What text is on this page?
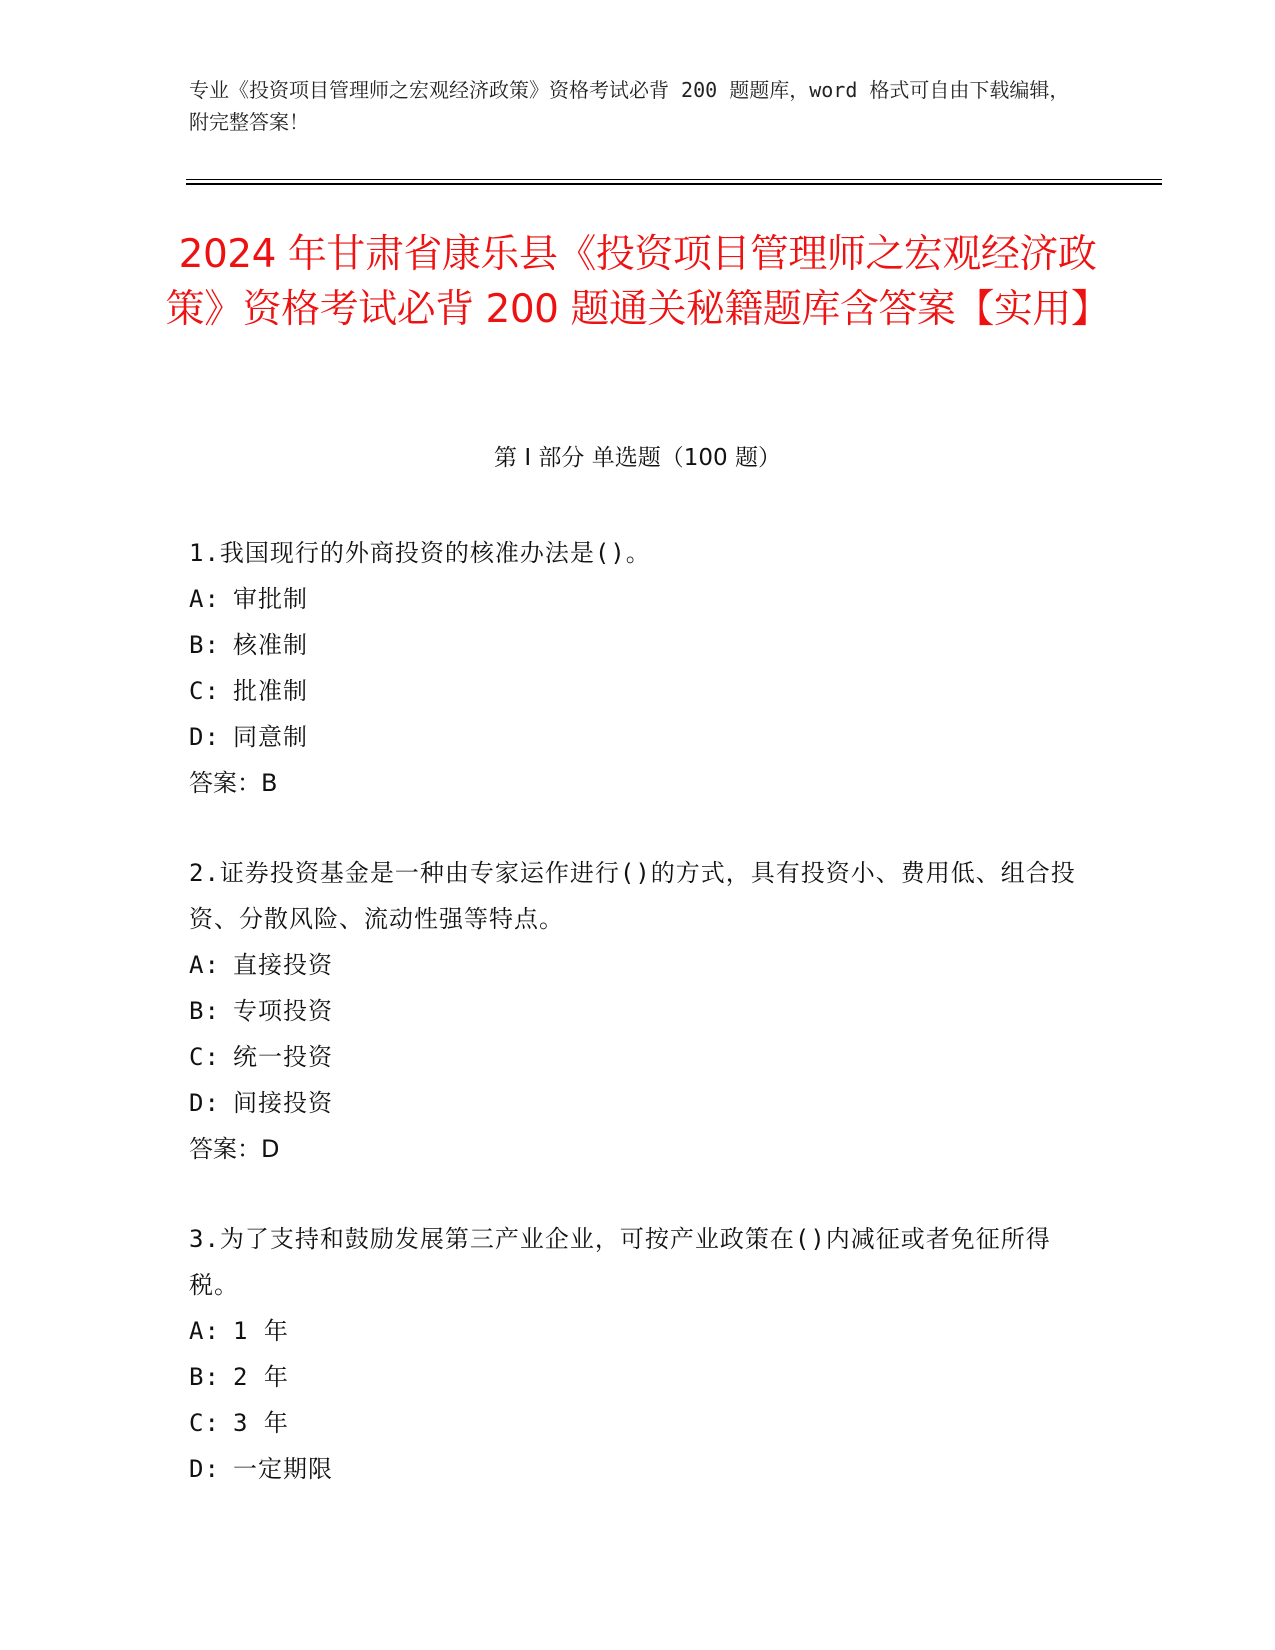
专业《投资项目管理师之宏观经济政策》资格考试必背 200 题题库，word 格式可自由下载编辑，附完整答案！
2024 年甘肃省康乐县《投资项目管理师之宏观经济政策》资格考试必背 200 题通关秘籍题库含答案【实用】
第 I 部分 单选题（100 题）
1.我国现行的外商投资的核准办法是()。
A: 审批制
B: 核准制
C: 批准制
D: 同意制
答案：B
2.证券投资基金是一种由专家运作进行()的方式，具有投资小、费用低、组合投资、分散风险、流动性强等特点。
A: 直接投资
B: 专项投资
C: 统一投资
D: 间接投资
答案：D
3.为了支持和鼓励发展第三产业企业，可按产业政策在()内减征或者免征所得税。
A: 1 年
B: 2 年
C: 3 年
D: 一定期限
